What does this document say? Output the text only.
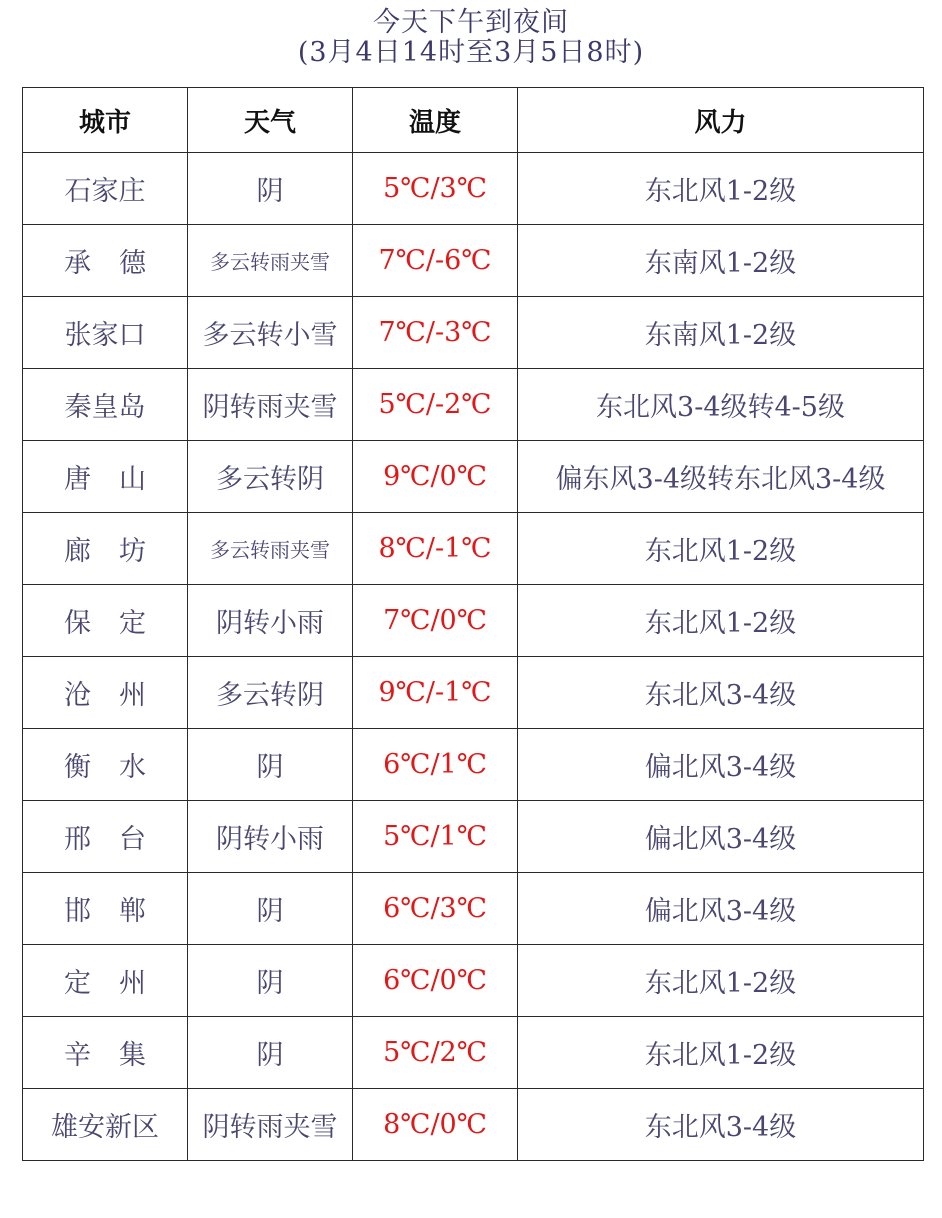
今天下午到夜间
(3月4日14时至3月5日8时)
城市	天气	温度	风力
石家庄	阴	5℃/3℃	东北风1-2级
承德	多云转雨夹雪	7℃/-6℃	东南风1-2级
张家口	多云转小雪	7℃/-3℃	东南风1-2级
秦皇岛	阴转雨夹雪	5℃/-2℃	东北风3-4级转4-5级
唐山	多云转阴	9℃/0℃	偏东风3-4级转东北风3-4级
廊坊	多云转雨夹雪	8℃/-1℃	东北风1-2级
保定	阴转小雨	7℃/0℃	东北风1-2级
沧州	多云转阴	9℃/-1℃	东北风3-4级
衡水	阴	6℃/1℃	偏北风3-4级
邢台	阴转小雨	5℃/1℃	偏北风3-4级
邯郸	阴	6℃/3℃	偏北风3-4级
定州	阴	6℃/0℃	东北风1-2级
辛集	阴	5℃/2℃	东北风1-2级
雄安新区	阴转雨夹雪	8℃/0℃	东北风3-4级
